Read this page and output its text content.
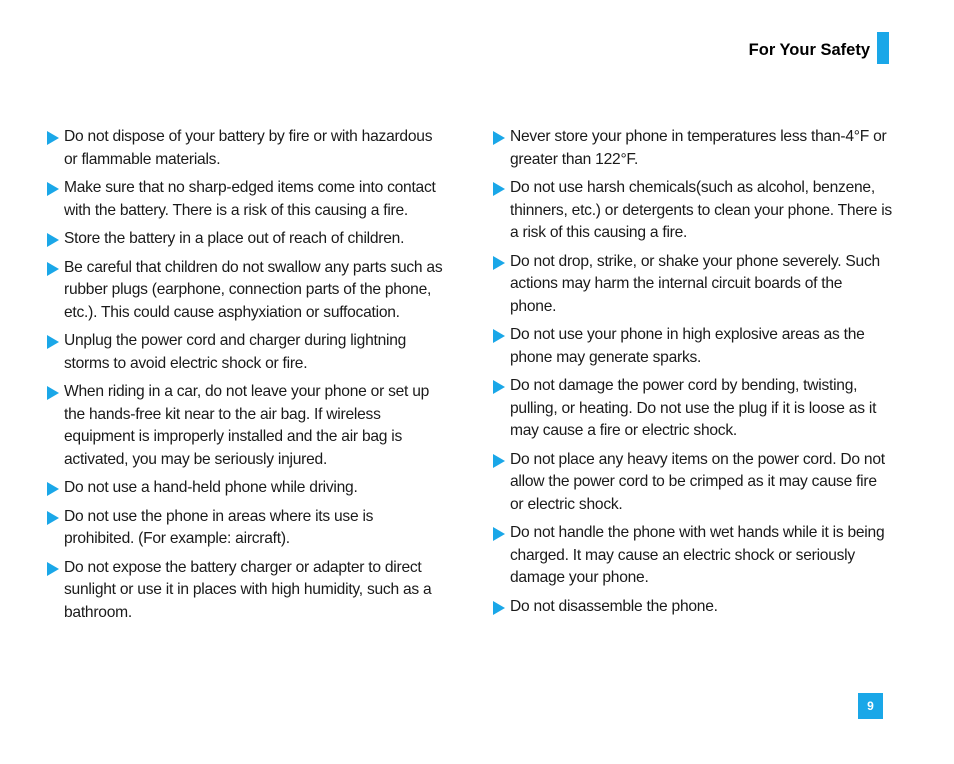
For Your Safety
Do not dispose of your battery by fire or with hazardous or flammable materials.
Make sure that no sharp-edged items come into contact with the battery. There is a risk of this causing a fire.
Store the battery in a place out of reach of children.
Be careful that children do not swallow any parts such as rubber plugs (earphone, connection parts of the phone, etc.). This could cause asphyxiation or suffocation.
Unplug the power cord and charger during lightning storms to avoid electric shock or fire.
When riding in a car, do not leave your phone or set up the hands-free kit near to the air bag. If wireless equipment is improperly installed and the air bag is activated, you may be seriously injured.
Do not use a hand-held phone while driving.
Do not use the phone in areas where its use is prohibited. (For example: aircraft).
Do not expose the battery charger or adapter to direct sunlight or use it in places with high humidity, such as a bathroom.
Never store your phone in temperatures less than-4°F or greater than 122°F.
Do not use harsh chemicals(such as alcohol, benzene, thinners, etc.) or detergents to clean your phone. There is a risk of this causing a fire.
Do not drop, strike, or shake your phone severely. Such actions may harm the internal circuit boards of the phone.
Do not use your phone in high explosive areas as the phone may generate sparks.
Do not damage the power cord by bending, twisting, pulling, or heating. Do not use the plug if it is loose as it may cause a fire or electric shock.
Do not place any heavy items on the power cord. Do not allow the power cord to be crimped as it may cause fire or electric shock.
Do not handle the phone with wet hands while it is being charged. It may cause an electric shock or seriously damage your phone.
Do not disassemble the phone.
9
